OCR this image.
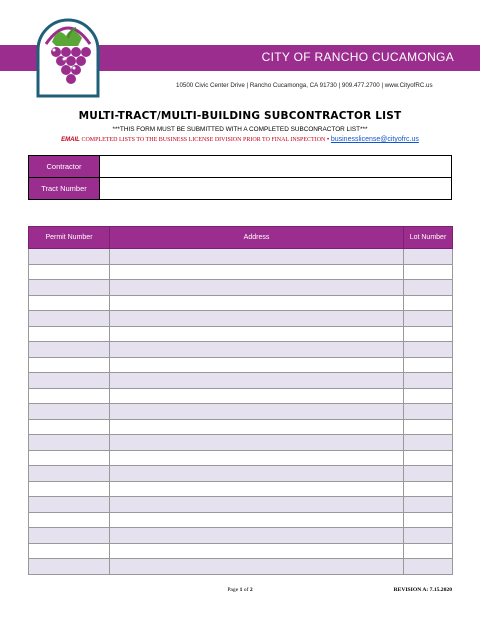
CITY OF RANCHO CUCAMONGA
10500 Civic Center Drive | Rancho Cucamonga, CA 91730 | 909.477.2700 | www.CityofRC.us
MULTI-TRACT/MULTI-BUILDING SUBCONTRACTOR LIST
***THIS FORM MUST BE SUBMITTED WITH A COMPLETED SUBCONRACTOR LIST***
EMAIL COMPLETED LISTS TO THE BUSINESS LICENSE DIVISION PRIOR TO FINAL INSPECTION • businesslicense@cityofrc.us
Contractor	
Tract Number	
Permit Number	Address	Lot Number

Page 1 of 2	REVISION A: 7.15.2020
